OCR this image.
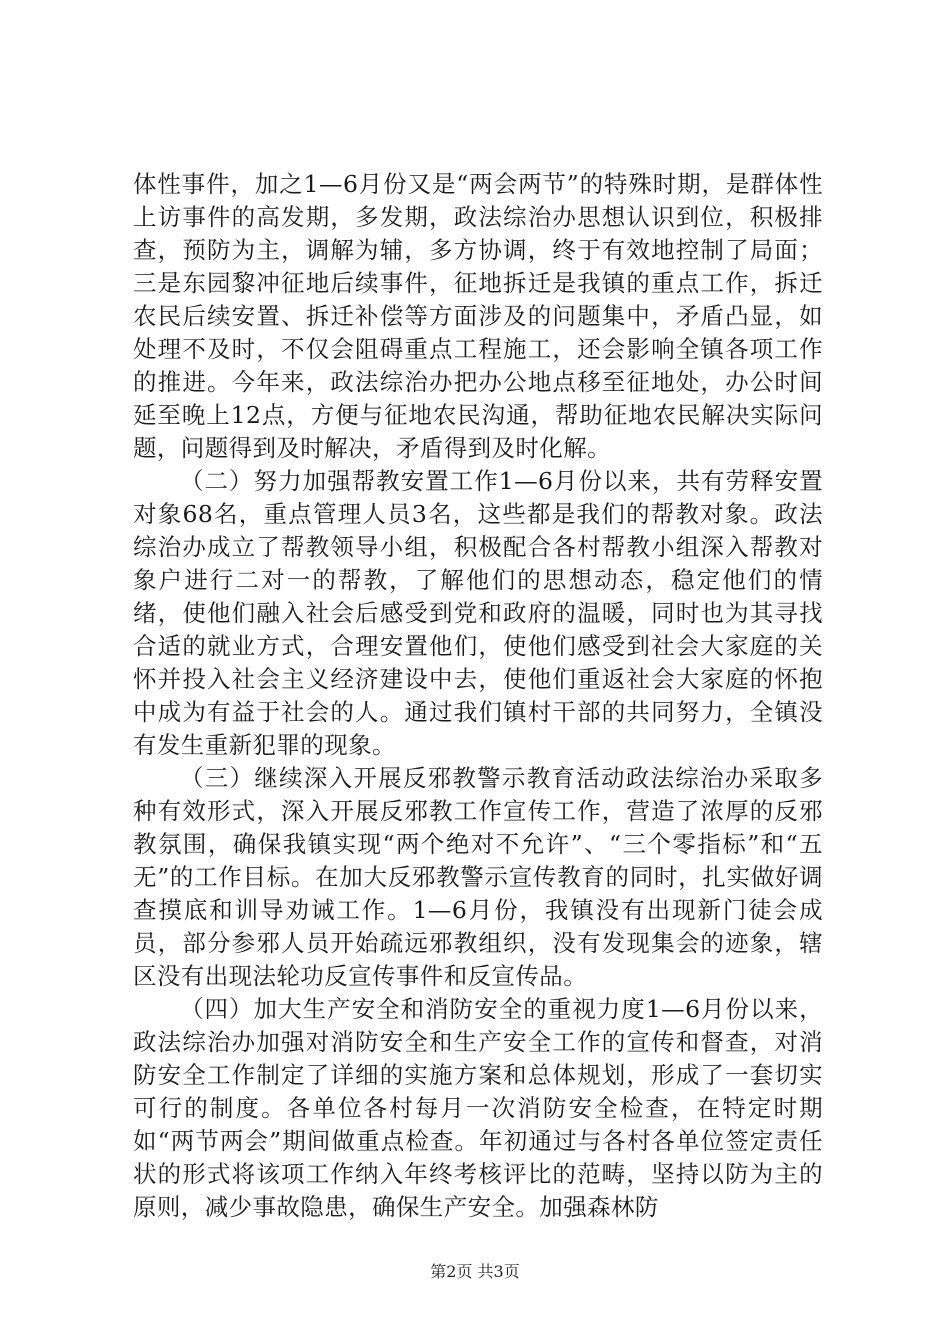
体性事件，加之1—6月份又是“两会两节”的特殊时期，是群体性上访事件的高发期，多发期，政法综治办思想认识到位，积极排查，预防为主，调解为辅，多方协调，终于有效地控制了局面；三是东园黎冲征地后续事件，征地拆迁是我镇的重点工作，拆迁农民后续安置、拆迁补偿等方面涉及的问题集中，矛盾凸显，如处理不及时，不仅会阻碍重点工程施工，还会影响全镇各项工作的推进。今年来，政法综治办把办公地点移至征地处，办公时间延至晚上12点，方便与征地农民沟通，帮助征地农民解决实际问题，问题得到及时解决，矛盾得到及时化解。

（二）努力加强帮教安置工作1—6月份以来，共有劳释安置对象68名，重点管理人员3名，这些都是我们的帮教对象。政法综治办成立了帮教领导小组，积极配合各村帮教小组深入帮教对象户进行二对一的帮教，了解他们的思想动态，稳定他们的情绪，使他们融入社会后感受到党和政府的温暖，同时也为其寻找合适的就业方式，合理安置他们，使他们感受到社会大家庭的关怀并投入社会主义经济建设中去，使他们重返社会大家庭的怀抱中成为有益于社会的人。通过我们镇村干部的共同努力，全镇没有发生重新犯罪的现象。

（三）继续深入开展反邪教警示教育活动政法综治办采取多种有效形式，深入开展反邪教工作宣传工作，营造了浓厚的反邪教氛围，确保我镇实现“两个绝对不允许”、“三个零指标”和“五无”的工作目标。在加大反邪教警示宣传教育的同时，扎实做好调查摸底和训导劝诫工作。1—6月份，我镇没有出现新门徒会成员，部分参邪人员开始疏远邪教组织，没有发现集会的迹象，辖区没有出现法轮功反宣传事件和反宣传品。

（四）加大生产安全和消防安全的重视力度1—6月份以来，政法综治办加强对消防安全和生产安全工作的宣传和督查，对消防安全工作制定了详细的实施方案和总体规划，形成了一套切实可行的制度。各单位各村每月一次消防安全检查，在特定时期如“两节两会”期间做重点检查。年初通过与各村各单位签定责任状的形式将该项工作纳入年终考核评比的范畴，坚持以防为主的原则，减少事故隐患，确保生产安全。加强森林防

第2页 共3页
